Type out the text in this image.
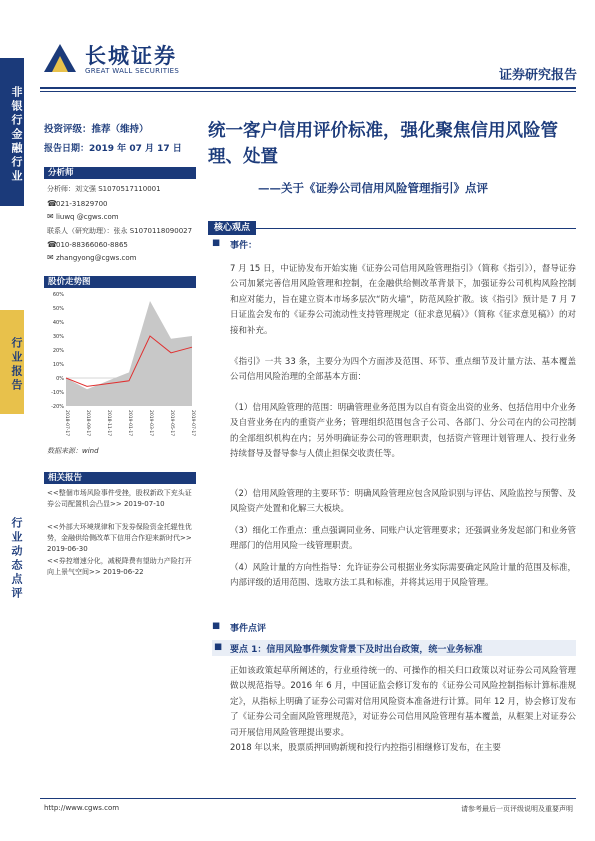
长城证券
GREAT WALL SECURITIES	证券研究报告
非银行金融行业
行业报告
行业动态点评
投资评级：推荐（维持）
报告日期：2019 年 07 月 17 日
分析师
分析师：刘文强 S1070517110001
☎021-31829700
✉ liuwq @cgws.com
联系人（研究助理）：张永 S1070118090027
☎010-88366060-8865
✉ zhangyong@cgws.com
股价走势图
60%
50%
40%
30%
20%
10%
0%
-10%
-20%
2018-07-17	2018-09-17	2018-11-17	2019-01-17	2019-03-17	2019-05-17	2019-07-17
数据来源：wind
相关报告
<<整個市场风险事件受挫，股权新政下充头证券公司配置机会凸显>> 2019-07-10
<<外部大环境规律和下发券保险资金托辊性优势，金融供给侧改革下信用合作迎来新时代>> 2019-06-30
<<券控增速分化，减税降费有望助力产险打开向上景气空间>> 2019-06-22
统一客户信用评价标准，强化聚焦信用风险管理、处置
——关于《证券公司信用风险管理指引》点评
核心观点
■ 事件：
7 月 15 日，中证协发布开始实施《证券公司信用风险管理指引》（简称《指引》），督导证券公司加紧完善信用风险管理和控制，在金融供给侧改革背景下，加强证券公司机构风险控制和应对能力，旨在建立资本市场多层次“防火墙”，防范风险扩散。该《指引》预计是 7 月 7 日证监会发布的《证券公司流动性支持管理规定（征求意见稿）》（简称《征求意见稿》）的对接和补充。
《指引》一共 33 条，主要分为四个方面涉及范围、环节、重点细节及计量方法、基本覆盖公司信用风险治理的全部基本方面：
（1）信用风险管理的范围：明确管理业务范围为以自有资金出资的业务、包括信用中介业务及自营业务在内的重资产业务；管理组织范围包含子公司、各部门、分公司在内的公司控制的全部组织机构在内；另外明确证券公司的管理职责，包括资产管理计划管理人、投行业务持续督导及督导参与人债止担保交收责任等。
（2）信用风险管理的主要环节：明确风险管理应包含风险识别与评估、风险监控与预警、及风险资产处置和化解三大板块。
（3）细化工作重点：重点强调同业务、同账户认定管理要求；还强调业务发起部门和业务管理部门的信用风险一线管理职责。
（4）风险计量的方向性指导：允许证券公司根据业务实际需要确定风险计量的范围及标准，内部评级的适用范围、选取方法工具和标准，并将其运用于风险管理。
■ 事件点评
■ 要点 1：信用风险事件频发背景下及时出台政策，统一业务标准
正如该政策起草所阐述的，行业亟待统一的、可操作的相关归口政策以对证券公司风险管理做以规范指导。2016 年 6 月，中国证监会修订发布的《证券公司风险控制指标计算标准规定》，从指标上明确了证券公司需对信用风险资本准备进行计算。同年 12 月，协会修订发布了《证券公司全面风险管理规范》，对证券公司信用风险管理有基本覆盖，从框架上对证券公司开展信用风险管理提出要求。
2018 年以来，股票质押回购新规和投行内控指引相继修订发布，在主要
http://www.cgws.com	请参考最后一页评级说明及重要声明
